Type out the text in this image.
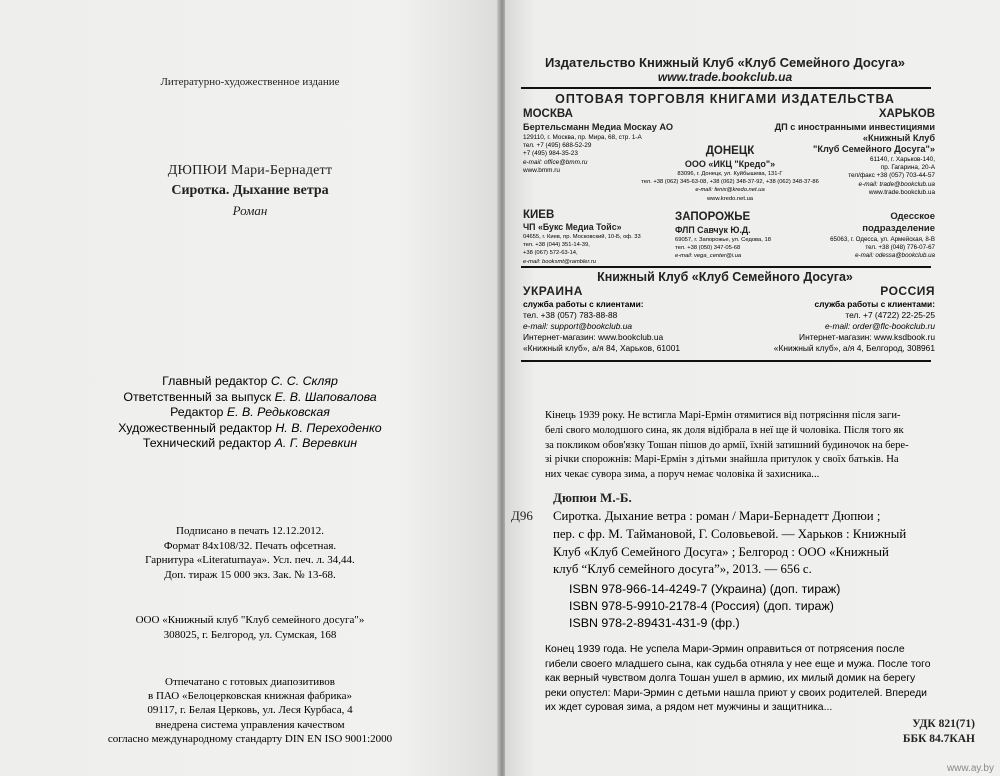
Литературно-художественное издание
ДЮПЮИ Мари-Бернадетт
Сиротка. Дыхание ветра
Роман
Главный редактор С. С. Скляр
Ответственный за выпуск Е. В. Шаповалова
Редактор Е. В. Редьковская
Художественный редактор Н. В. Переходенко
Технический редактор А. Г. Веревкин
Подписано в печать 12.12.2012.
Формат 84x108/32. Печать офсетная.
Гарнитура «Literaturnaya». Усл. печ. л. 34,44.
Доп. тираж 15 000 экз. Зак. № 13-68.
ООО «Книжный клуб "Клуб семейного досуга"»
308025, г. Белгород, ул. Сумская, 168
Отпечатано с готовых диапозитивов
в ПАО «Белоцерковская книжная фабрика»
09117, г. Белая Церковь, ул. Леся Курбаса, 4
внедрена система управления качеством
согласно международному стандарту DIN EN ISO 9001:2000
Издательство Книжный Клуб «Клуб Семейного Досуга»
www.trade.bookclub.ua
ОПТОВАЯ ТОРГОВЛЯ КНИГАМИ ИЗДАТЕЛЬСТВА
МОСКВА
Бертельсманн Медиа Москау АО
129110, г. Москва, пр. Мира, 68, стр. 1-А
тел. +7 (495) 688-52-29
+7 (495) 984-35-23
e-mail: office@bmm.ru
www.bmm.ru
ХАРЬКОВ
ДП с иностранными инвестициями
«Книжный Клуб
"Клуб Семейного Досуга"»
61140, г. Харьков-140,
пр. Гагарина, 20-А
тел/факс +38 (057) 703-44-57
e-mail: trade@bookclub.ua
www.trade.bookclub.ua
ДОНЕЦК
ООО «ИКЦ "Кредо"»
83096, г. Донецк, ул. Куйбышева, 131-Г
тел. +38 (062) 345-63-08, +38 (062) 348-37-92, +38 (062) 348-37-86
e-mail: fenix@kredo.net.ua
www.kredo.net.ua
КИЕВ
ЧП «Букс Медиа Тойс»
04655, г. Киев, пр. Московский, 10-Б, оф. 33
тел. +38 (044) 351-14-39,
+38 (067) 572-63-14,
e-mail: booksmt@rambler.ru
ЗАПОРОЖЬЕ
ФЛП Савчук Ю.Д.
69057, г. Запорожье, ул. Седова, 18
тел. +38 (050) 347-05-68
e-mail: vega_center@i.ua
Одесское
подразделение
65063, г. Одесса, ул. Армейская, 8-В
тел. +38 (048) 776-07-67
e-mail: odessa@bookclub.ua
Книжный Клуб «Клуб Семейного Досуга»
УКРАИНА
служба работы с клиентами:
тел. +38 (057) 783-88-88
e-mail: support@bookclub.ua
Интернет-магазин: www.bookclub.ua
«Книжный клуб», а/я 84, Харьков, 61001
РОССИЯ
служба работы с клиентами:
тел. +7 (4722) 22-25-25
e-mail: order@flc-bookclub.ru
Интернет-магазин: www.ksdbook.ru
«Книжный клуб», а/я 4, Белгород, 308961
Кінець 1939 року. Не встигла Марі-Ермін отямитися від потрясіння після заги-
белі свого молодшого сина, як доля відібрала в неї ще й чоловіка. Після того як
за покликом обов'язку Тошан пішов до армії, їхній затишний будиночок на бере-
зі річки спорожнів: Марі-Ермін з дітьми знайшла притулок у своїх батьків. На
них чекає сувора зима, а поруч немає чоловіка й захисника...
Дюпюи М.-Б.
Д96 Сиротка. Дыхание ветра : роман / Мари-Бернадетт Дюпюи ;
пер. с фр. М. Таймановой, Г. Соловьевой. — Харьков : Книжный
Клуб «Клуб Семейного Досуга» ; Белгород : ООО «Книжный
клуб “Клуб семейного досуга”», 2013. — 656 с.
ISBN 978-966-14-4249-7 (Украина) (доп. тираж)
ISBN 978-5-9910-2178-4 (Россия) (доп. тираж)
ISBN 978-2-89431-431-9 (фр.)
Конец 1939 года. Не успела Мари-Эрмин оправиться от потрясения после
гибели своего младшего сына, как судьба отняла у нее еще и мужа. После того
как верный чувством долга Тошан ушел в армию, их милый домик на берегу
реки опустел: Мари-Эрмин с детьми нашла приют у своих родителей. Впереди
их ждет суровая зима, а рядом нет мужчины и защитника...
УДК 821(71)
ББК 84.7КАН
www.ay.by
